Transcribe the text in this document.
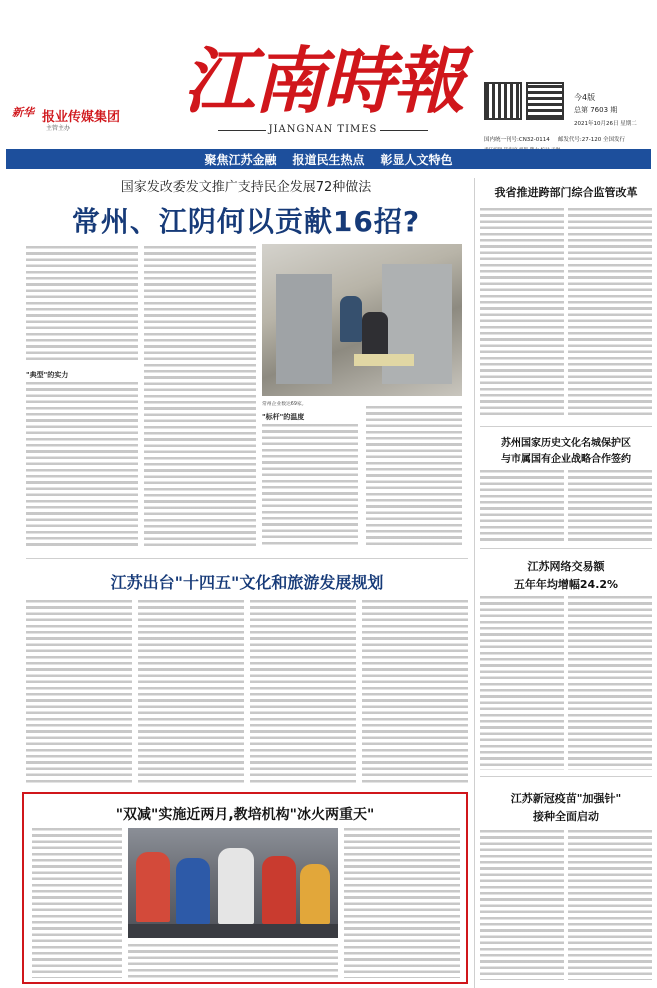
新华 报业传媒集团
主管主办
江南時報
JIANGNAN TIMES
今4版
总第 7603 期
2021年10月26日 星期二
国内统一刊号:CN32-0114 邮发代号:27-120 全国发行
聚焦江苏金融 报道民生热点 彰显人文特色
国家发改委发文推广支持民企发展72种做法
常州、江阴何以贡献16招?
"典型"的实力
常州企业数达69家。
"标杆"的温度
我省推进跨部门综合监管改革
苏州国家历史文化名城保护区
与市属国有企业战略合作签约
江苏网络交易额
五年年均增幅24.2%
江苏新冠疫苗"加强针"
接种全面启动
江苏出台"十四五"文化和旅游发展规划
"双减"实施近两月,教培机构"冰火两重天"
